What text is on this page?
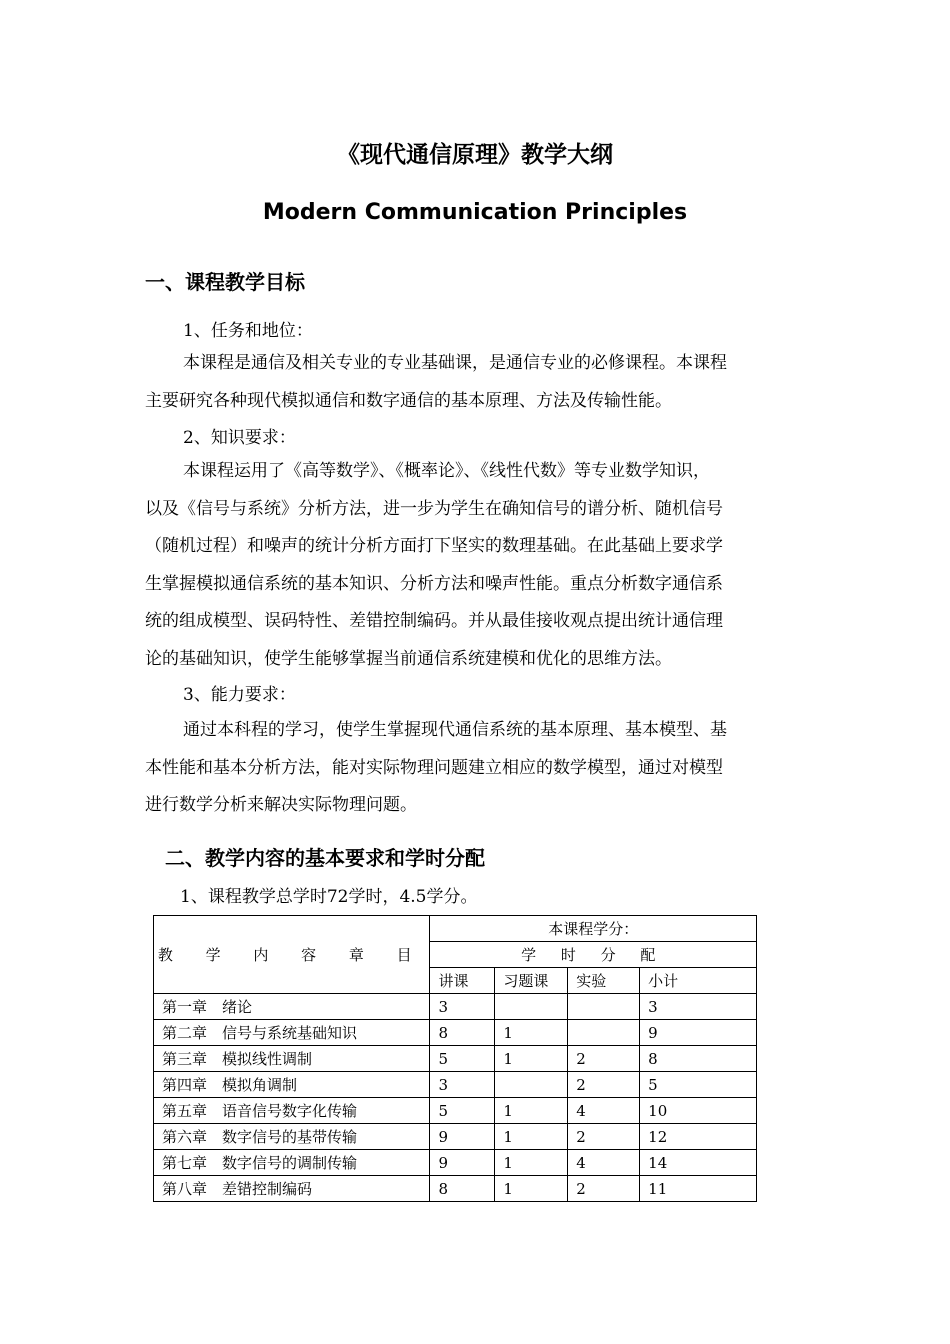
《现代通信原理》教学大纲
Modern Communication Principles
一、课程教学目标
1、任务和地位：
本课程是通信及相关专业的专业基础课，是通信专业的必修课程。本课程
主要研究各种现代模拟通信和数字通信的基本原理、方法及传输性能。
2、知识要求：
本课程运用了《高等数学》、《概率论》、《线性代数》等专业数学知识，
以及《信号与系统》分析方法，进一步为学生在确知信号的谱分析、随机信号
（随机过程）和噪声的统计分析方面打下坚实的数理基础。在此基础上要求学
生掌握模拟通信系统的基本知识、分析方法和噪声性能。重点分析数字通信系
统的组成模型、误码特性、差错控制编码。并从最佳接收观点提出统计通信理
论的基础知识，使学生能够掌握当前通信系统建模和优化的思维方法。
3、能力要求：
通过本科程的学习，使学生掌握现代通信系统的基本原理、基本模型、基
本性能和基本分析方法，能对实际物理问题建立相应的数学模型，通过对模型
进行数学分析来解决实际物理问题。
二、教学内容的基本要求和学时分配
1、课程教学总学时72学时，4.5学分。
教 学 内 容 章 目	本课程学分：			
	学 时 分 配			
	讲课	习题课	实验	小计
第一章　绪论	3			3
第二章　信号与系统基础知识	8	1		9
第三章　模拟线性调制	5	1	2	8
第四章　模拟角调制	3		2	5
第五章　语音信号数字化传输	5	1	4	10
第六章　数字信号的基带传输	9	1	2	12
第七章　数字信号的调制传输	9	1	4	14
第八章　差错控制编码	8	1	2	11
